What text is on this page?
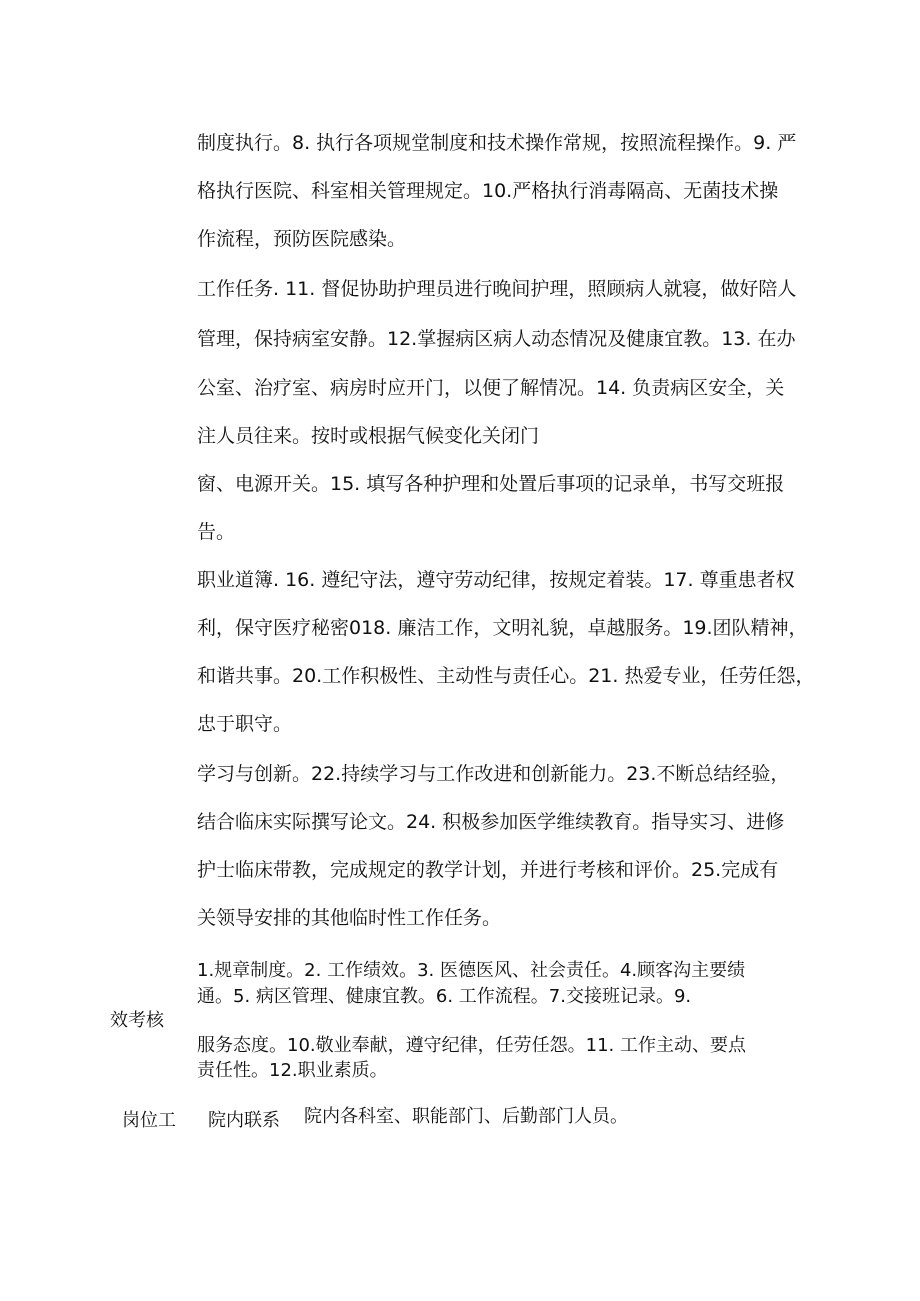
制度执行。8. 执行各项规堂制度和技术操作常规，按照流程操作。9. 严
格执行医院、科室相关管理规定。10.严格执行消毒隔高、无菌技术操
作流程，预防医院感染。
工作任务. 11. 督促协助护理员进行晚间护理，照顾病人就寝，做好陪人
管理，保持病室安静。12.掌握病区病人动态情况及健康宜教。13. 在办
公室、治疗室、病房时应开门，以便了解情况。14. 负责病区安全，关
注人员往来。按时或根据气候变化关闭门
窗、电源开关。15. 填写各种护理和处置后事项的记录单，书写交班报
告。
职业道簿. 16. 遵纪守法，遵守劳动纪律，按规定着装。17. 尊重患者权
利，保守医疗秘密018. 廉洁工作，文明礼貌，卓越服务。19.团队精神，
和谐共事。20.工作积极性、主动性与责任心。21. 热爱专业，任劳任怨，
忠于职守。
学习与创新。22.持续学习与工作改进和创新能力。23.不断总结经验，
结合临床实际撰写论文。24. 积极参加医学维续教育。指导实习、进修
护士临床带教，完成规定的教学计划，并进行考核和评价。25.完成有
关领导安排的其他临时性工作任务。
效考核
1.规章制度。2. 工作绩效。3. 医德医风、社会责任。4.顾客沟主要绩
通。5. 病区管理、健康宜教。6. 工作流程。7.交接班记录。9.
服务态度。10.敬业奉献，遵守纪律，任劳任怨。11. 工作主动、要点
责任性。12.职业素质。
岗位工 院内联系 院内各科室、职能部门、后勤部门人员。
